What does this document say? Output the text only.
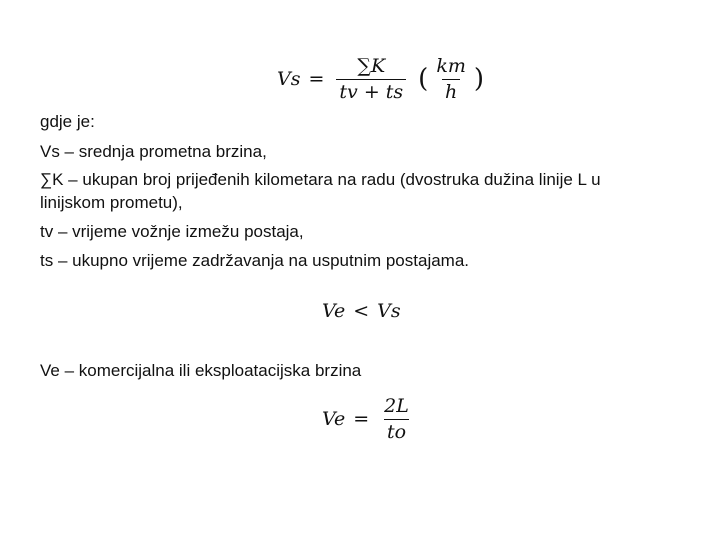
$Vs = \frac{\sum K}{tv + ts}$ ( $\frac{km}{h}$ )
gdje je:
Vs – srednja prometna brzina,
∑K – ukupan broj prijeđenih kilometara na radu (dvostruka dužina linije L u
linijskom prometu),
tv – vrijeme vožnje izmežu postaja,
ts – ukupno vrijeme zadržavanja na usputnim postajama.
Ve < Vs
Ve – komercijalna ili eksploatacijska brzina
$Ve = \frac{2L}{to}$
